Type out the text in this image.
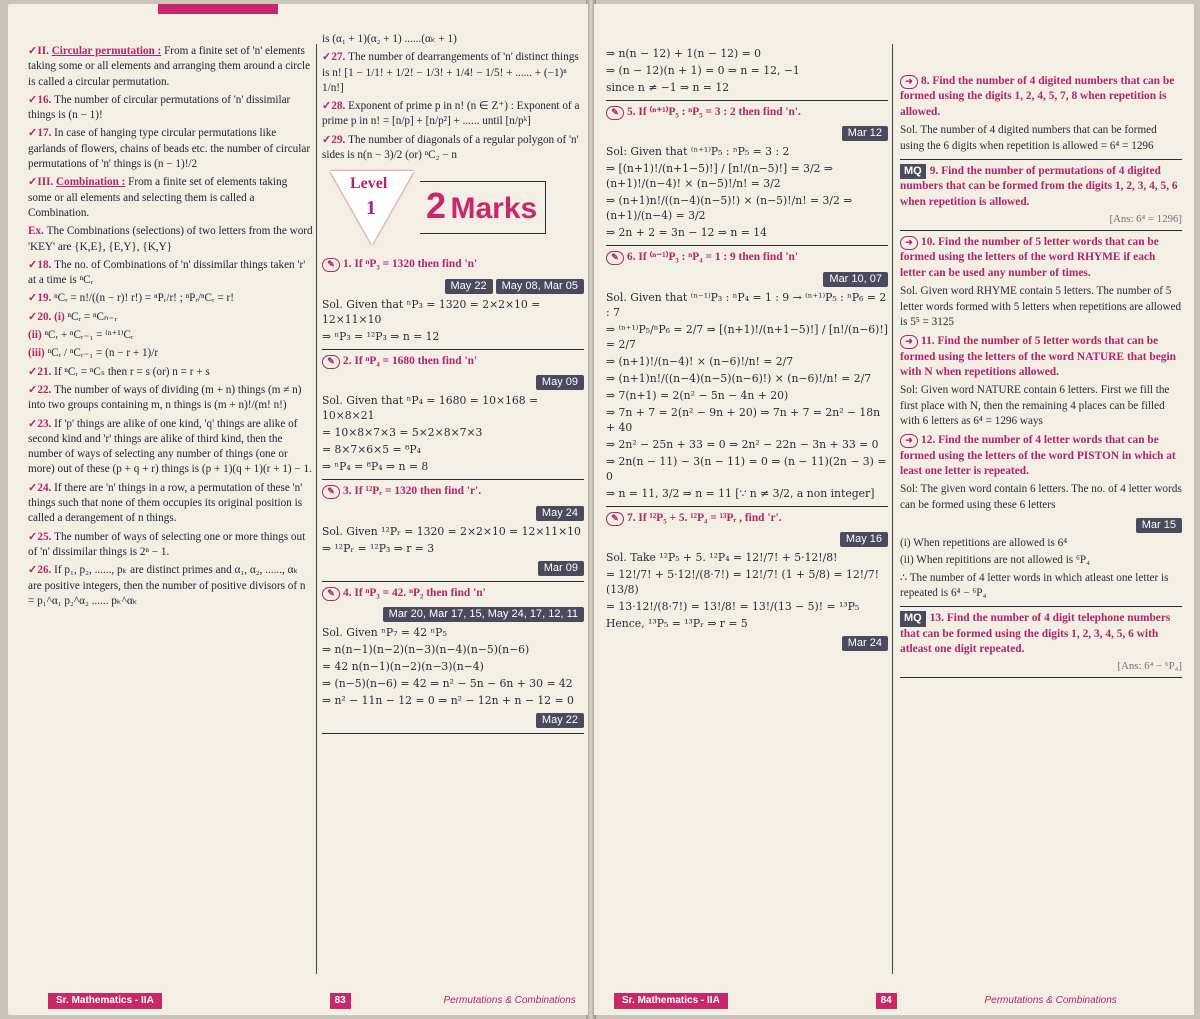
✓II. Circular permutation : From a finite set of 'n' elements taking some or all elements and arranging them around a circle is called a circular permutation.

✓16. The number of circular permutations of 'n' dissimilar things is (n − 1)!

✓17. In case of hanging type circular permutations like garlands of flowers, chains of beads etc. the number of circular permutations of 'n' things is (n − 1)!/2

✓III. Combination : From a finite set of elements taking some or all elements and selecting them is called a Combination.

Ex. The Combinations (selections) of two letters from the word 'KEY' are {K,E}, {E,Y}, {K,Y}

✓18. The no. of Combinations of 'n' dissimilar things taken 'r' at a time is ⁿCᵣ

✓19. ⁿCᵣ = n!/((n − r)! r!) = ⁿPᵣ/r! ; ⁿPᵣ/ⁿCᵣ = r!

✓20. (i) ⁿCᵣ = ⁿCₙ₋ᵣ

(ii) ⁿCᵣ + ⁿCᵣ₋₁ = ⁽ⁿ⁺¹⁾Cᵣ

(iii) ⁿCᵣ / ⁿCᵣ₋₁ = (n − r + 1)/r

✓21. If ⁿCᵣ = ⁿCₛ then r = s (or) n = r + s

✓22. The number of ways of dividing (m + n) things (m ≠ n) into two groups containing m, n things is (m + n)!/(m! n!)

✓23. If 'p' things are alike of one kind, 'q' things are alike of second kind and 'r' things are alike of third kind, then the number of ways of selecting any number of things (one or more) out of these (p + q + r) things is (p + 1)(q + 1)(r + 1) − 1.

✓24. If there are 'n' things in a row, a permutation of these 'n' things such that none of them occupies its original position is called a derangement of n things.

✓25. The number of ways of selecting one or more things out of 'n' dissimilar things is 2ⁿ − 1.

✓26. If p₁, p₂, ......, pₖ are distinct primes and α₁, α₂, ......, αₖ are positive integers, then the number of positive divisors of n = p₁^α₁ p₂^α₂ ...... pₖ^αₖ

is (α₁ + 1)(α₂ + 1) ......(αₖ + 1)

✓27. The number of dearrangements of 'n' distinct things is n! [1 − 1/1! + 1/2! − 1/3! + 1/4! − 1/5! + ...... + (−1)ⁿ 1/n!]

✓28. Exponent of prime p in n! (n ∈ Z⁺) : Exponent of a prime p in n! = [n/p] + [n/p²] + ...... until [n/pᵏ]

✓29. The number of diagonals of a regular polygon of 'n' sides is n(n − 3)/2 (or) ⁿC₂ − n

Level
1 2 Marks
✎ 1. If ⁿP₃ = 1320 then find 'n'
May 22 May 08, Mar 05
Sol. Given that ⁿP₃ = 1320 = 2×2×10 = 12×11×10
⇒ ⁿP₃ = ¹²P₃ ⇒ n = 12
✎ 2. If ⁿP₄ = 1680 then find 'n'
May 09
Sol. Given that ⁿP₄ = 1680 = 10×168 = 10×8×21
= 10×8×7×3 = 5×2×8×7×3
= 8×7×6×5 = ⁸P₄
⇒ ⁿP₄ = ⁸P₄ ⇒ n = 8
✎ 3. If ¹²Pᵣ = 1320 then find 'r'.
May 24
Sol. Given ¹²Pᵣ = 1320 = 2×2×10 = 12×11×10
⇒ ¹²Pᵣ = ¹²P₃ ⇒ r = 3
Mar 09
✎ 4. If ⁿP₃ = 42. ⁿP₂ then find 'n'
Mar 20, Mar 17, 15, May 24, 17, 12, 11
Sol. Given ⁿP₇ = 42 ⁿP₅
⇒ n(n−1)(n−2)(n−3)(n−4)(n−5)(n−6)
= 42 n(n−1)(n−2)(n−3)(n−4)
⇒ (n−5)(n−6) = 42 ⇒ n² − 5n − 6n + 30 = 42
⇒ n² − 11n − 12 = 0 ⇒ n² − 12n + n − 12 = 0
May 22
Sr. Mathematics - IIA	83	Permutations & Combinations
⇒ n(n − 12) + 1(n − 12) = 0
⇒ (n − 12)(n + 1) = 0 ⇒ n = 12, −1
since n ≠ −1 ⇒ n = 12
✎ 5. If ⁽ⁿ⁺¹⁾P₅ : ⁿP₅ = 3 : 2 then find 'n'.
Mar 12
Sol: Given that ⁽ⁿ⁺¹⁾P₅ : ⁿP₅ = 3 : 2
⇒ [(n+1)!/(n+1−5)!] / [n!/(n−5)!] = 3/2 ⇒ (n+1)!/(n−4)! × (n−5)!/n! = 3/2
⇒ (n+1)n!/((n−4)(n−5)!) × (n−5)!/n! = 3/2 ⇒ (n+1)/(n−4) = 3/2
⇒ 2n + 2 = 3n − 12 ⇒ n = 14
✎ 6. If ⁽ⁿ⁻¹⁾P₃ : ⁿP₄ = 1 : 9 then find 'n'
Mar 10, 07
Sol. Given that ⁽ⁿ⁻¹⁾P₃ : ⁿP₄ = 1 : 9 → ⁽ⁿ⁺¹⁾P₅ : ⁿP₆ = 2 : 7
⇒ ⁽ⁿ⁺¹⁾P₅/ⁿP₆ = 2/7 ⇒ [(n+1)!/(n+1−5)!] / [n!/(n−6)!] = 2/7
⇒ (n+1)!/(n−4)! × (n−6)!/n! = 2/7
⇒ (n+1)n!/((n−4)(n−5)(n−6)!) × (n−6)!/n! = 2/7
⇒ 7(n+1) = 2(n² − 5n − 4n + 20)
⇒ 7n + 7 = 2(n² − 9n + 20) ⇒ 7n + 7 = 2n² − 18n + 40
⇒ 2n² − 25n + 33 = 0 ⇒ 2n² − 22n − 3n + 33 = 0
⇒ 2n(n − 11) − 3(n − 11) = 0 ⇒ (n − 11)(2n − 3) = 0
⇒ n = 11, 3/2 ⇒ n = 11 [∵ n ≠ 3/2, a non integer]
✎ 7. If ¹²P₅ + 5. ¹²P₄ = ¹³Pᵣ , find 'r'.
May 16
Sol. Take ¹²P₅ + 5. ¹²P₄ = 12!/7! + 5·12!/8!
= 12!/7! + 5·12!/(8·7!) = 12!/7! (1 + 5/8) = 12!/7! (13/8)
= 13·12!/(8·7!) = 13!/8! = 13!/(13 − 5)! = ¹³P₅
Hence, ¹³P₅ = ¹³Pᵣ ⇒ r = 5
Mar 24
➜ 8. Find the number of 4 digited numbers that can be formed using the digits 1, 2, 4, 5, 7, 8 when repetition is allowed.
Sol. The number of 4 digited numbers that can be formed using the 6 digits when repetition is allowed = 6⁴ = 1296
MQ 9. Find the number of permutations of 4 digited numbers that can be formed from the digits 1, 2, 3, 4, 5, 6 when repetition is allowed.
[Ans: 6⁴ = 1296]
➜ 10. Find the number of 5 letter words that can be formed using the letters of the word RHYME if each letter can be used any number of times.
Sol. Given word RHYME contain 5 letters. The number of 5 letter words formed with 5 letters when repetitions are allowed is 5⁵ = 3125
➜ 11. Find the number of 5 letter words that can be formed using the letters of the word NATURE that begin with N when repetitions allowed.
Sol: Given word NATURE contain 6 letters. First we fill the first place with N, then the remaining 4 places can be filled with 6 letters as 6⁴ = 1296 ways
➜ 12. Find the number of 4 letter words that can be formed using the letters of the word PISTON in which at least one letter is repeated.
Sol: The given word contain 6 letters. The no. of 4 letter words can be formed using these 6 letters
Mar 15
(i) When repetitions are allowed is 6⁴
(ii) When repititions are not allowed is ⁶P₄
∴ The number of 4 letter words in which atleast one letter is repeated is 6⁴ − ⁶P₄
MQ 13. Find the number of 4 digit telephone numbers that can be formed using the digits 1, 2, 3, 4, 5, 6 with atleast one digit repeated.
[Ans: 6⁴ − ⁶P₄]
Sr. Mathematics - IIA	84	Permutations & Combinations
